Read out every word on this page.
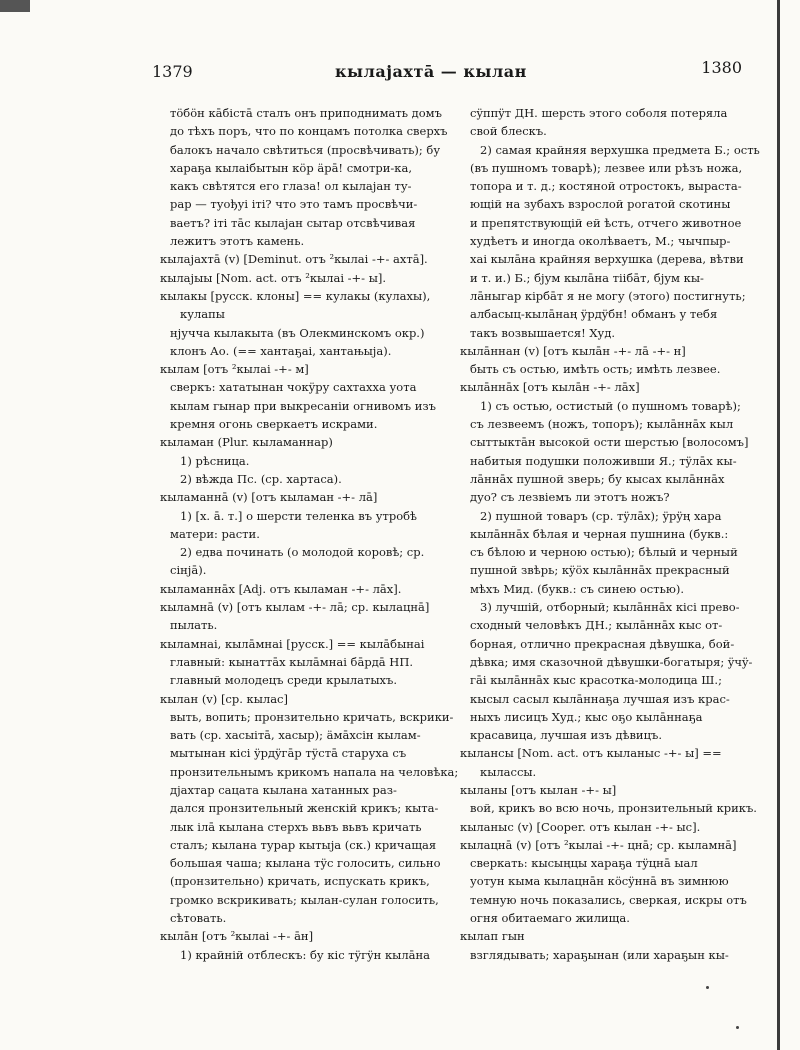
1379	кылајахтā — кылан	1380
тöбöн кāбiстā сталъ онъ приподнимать домъ
до тѣхъ поръ, что по концамъ потолка сверхъ
балокъ начало свѣтиться (просвѣчивать); бу
хараҕа кылаiбытын кöр äрā! смотри-ка,
какъ свѣтятся его глаза! ол кылајан ту-
рар — туођуi iтi? что это тамъ просвѣчи-
ваетъ? iтi тāс кылајан сытар отсвѣчивая
лежитъ этотъ камень.
кылајахтā (v) [Deminut. отъ ²кылаi -+- ахтā].
кылајыы [Nom. act. отъ ²кылаi -+- ы].
кылакы [русск. клоны] == кулакы (кулахы),
кулапы
нјучча кылакыта (въ Олекминскомъ окр.)
клонъ Ао. (== хантаҕаi, хантањыја).
кылам [отъ ²кылаi -+- м]
сверкъ: хататынан чокÿру сахтахха уота
кылам гынар при выкресанiи огнивомъ изъ
кремня огонь сверкаетъ искрами.
кыламан (Plur. кыламаннар)
1) рѣсница.
2) вѣжда Пс. (ср. хартаса).
кыламаннā (v) [отъ кыламан -+- лā]
1) [х. ā. т.] о шерсти теленка въ утробѣ
матери: расти.
2) едва починать (о молодой коровѣ; ср.
сiнјā).
кыламаннāх [Adj. отъ кыламан -+- лāх].
кыламнā (v) [отъ кылам -+- лā; ср. кылацнā]
пылать.
кыламнаi, кылāмнаi [русск.] == кылāбынаi
главный: кынаттāх кылāмнаi бāрдā НП.
главный молодецъ среди крылатыхъ.
кылан (v) [ср. кылас]
выть, вопить; пронзительно кричать, вскрики-
вать (ср. хасыiтā, хасыр); äмāхсiн кылам-
мытынан кiсi ÿрдÿгāр тÿстā старуха съ
пронзительнымъ крикомъ напала на человѣка;
дјахтар сацата кылана хатанных раз-
дался пронзительный женскiй крикъ; кыта-
лык iлā кылана стерхъ вьвъ вьвъ кричать
сталъ; кылана турар кытыја (ск.) кричащая
большая чаша; кылана тÿс голосить, сильно
(пронзительно) кричать, испускать крикъ,
громко вскрикивать; кылан-сулан голосить,
сѣтовать.
кылāн [отъ ²кылаi -+- āн]
1) крайнiй отблескъ: бу кiс тÿгÿн кылāна
сÿппÿт ДН. шерсть этого соболя потеряла
свой блескъ.
2) самая крайняя верхушка предмета Б.; ость
(въ пушномъ товарѣ); лезвее или рѣзъ ножа,
топора и т. д.; костяной отростокъ, выраста-
ющiй на зубахъ взрослой рогатой скотины
и препятствующiй ей ѣсть, отчего животное
худѣетъ и иногда околѣваетъ, М.; чычпыр-
хаi кылāна крайняя верхушка (дерева, вѣтви
и т. и.) Б.; бјум кылāна тiiбāт, бјум кы-
лāныгар кiрбāт я не могу (этого) постигнуть;
албасыц-кылāнаң ÿрдÿбн! обманъ у тебя
такъ возвышается! Худ.
кылāннан (v) [отъ кылāн -+- лā -+- н]
быть съ остью, имѣть ость; имѣть лезвее.
кылāннāх [отъ кылāн -+- лāх]
1) съ остью, остистый (о пушномъ товарѣ);
съ лезвеемъ (ножъ, топоръ); кылāннāх кыл
сыттыктāн высокой ости шерстью [волосомъ]
набитыя подушки положивши Я.; тÿлāх кы-
лāннāх пушной зверь; бу кысах кылāннāх
дуо? съ лезвiемъ ли этотъ ножъ?
2) пушной товаръ (ср. тÿлāх); ÿрÿң хара
кылāннāх бѣлая и черная пушнина (букв.:
съ бѣлою и черною остью); бѣлый и черный
пушной звѣрь; кÿöх кылāннāх прекрасный
мѣхъ Мид. (букв.: съ синею остью).
3) лучшiй, отборный; кылāннāх кiсi прево-
сходный человѣкъ ДН.; кылāннāх кыс от-
борная, отлично прекрасная дѣвушка, бой-
дѣвка; имя сказочной дѣвушки-богатыря; ÿчÿ-
гāi кылāннāх кыс красотка-молодица Ш.;
кысыл сасыл кылāннаҕа лучшая изъ крас-
ныхъ лисицъ Худ.; кыс оҕо кылāннаҕа
красавица, лучшая изъ дѣвицъ.
кылансы [Nom. act. отъ кыланыс -+- ы] ==
кылассы.
кыланы [отъ кылан -+- ы]
вой, крикъ во всю ночь, пронзительный крикъ.
кыланыс (v) [Cooper. отъ кылан -+- ыс].
кылацнā (v) [отъ ²кылаi -+- цнā; ср. кыламнā]
сверкать: кысыңцы хараҕа тÿцнā ыал
уотун кыма кылацнāн кöсÿннā въ зимнюю
темную ночь показались, сверкая, искры отъ
огня обитаемаго жилища.
кылап гын
взглядывать; хараҕынан (или хараҕын кы-
